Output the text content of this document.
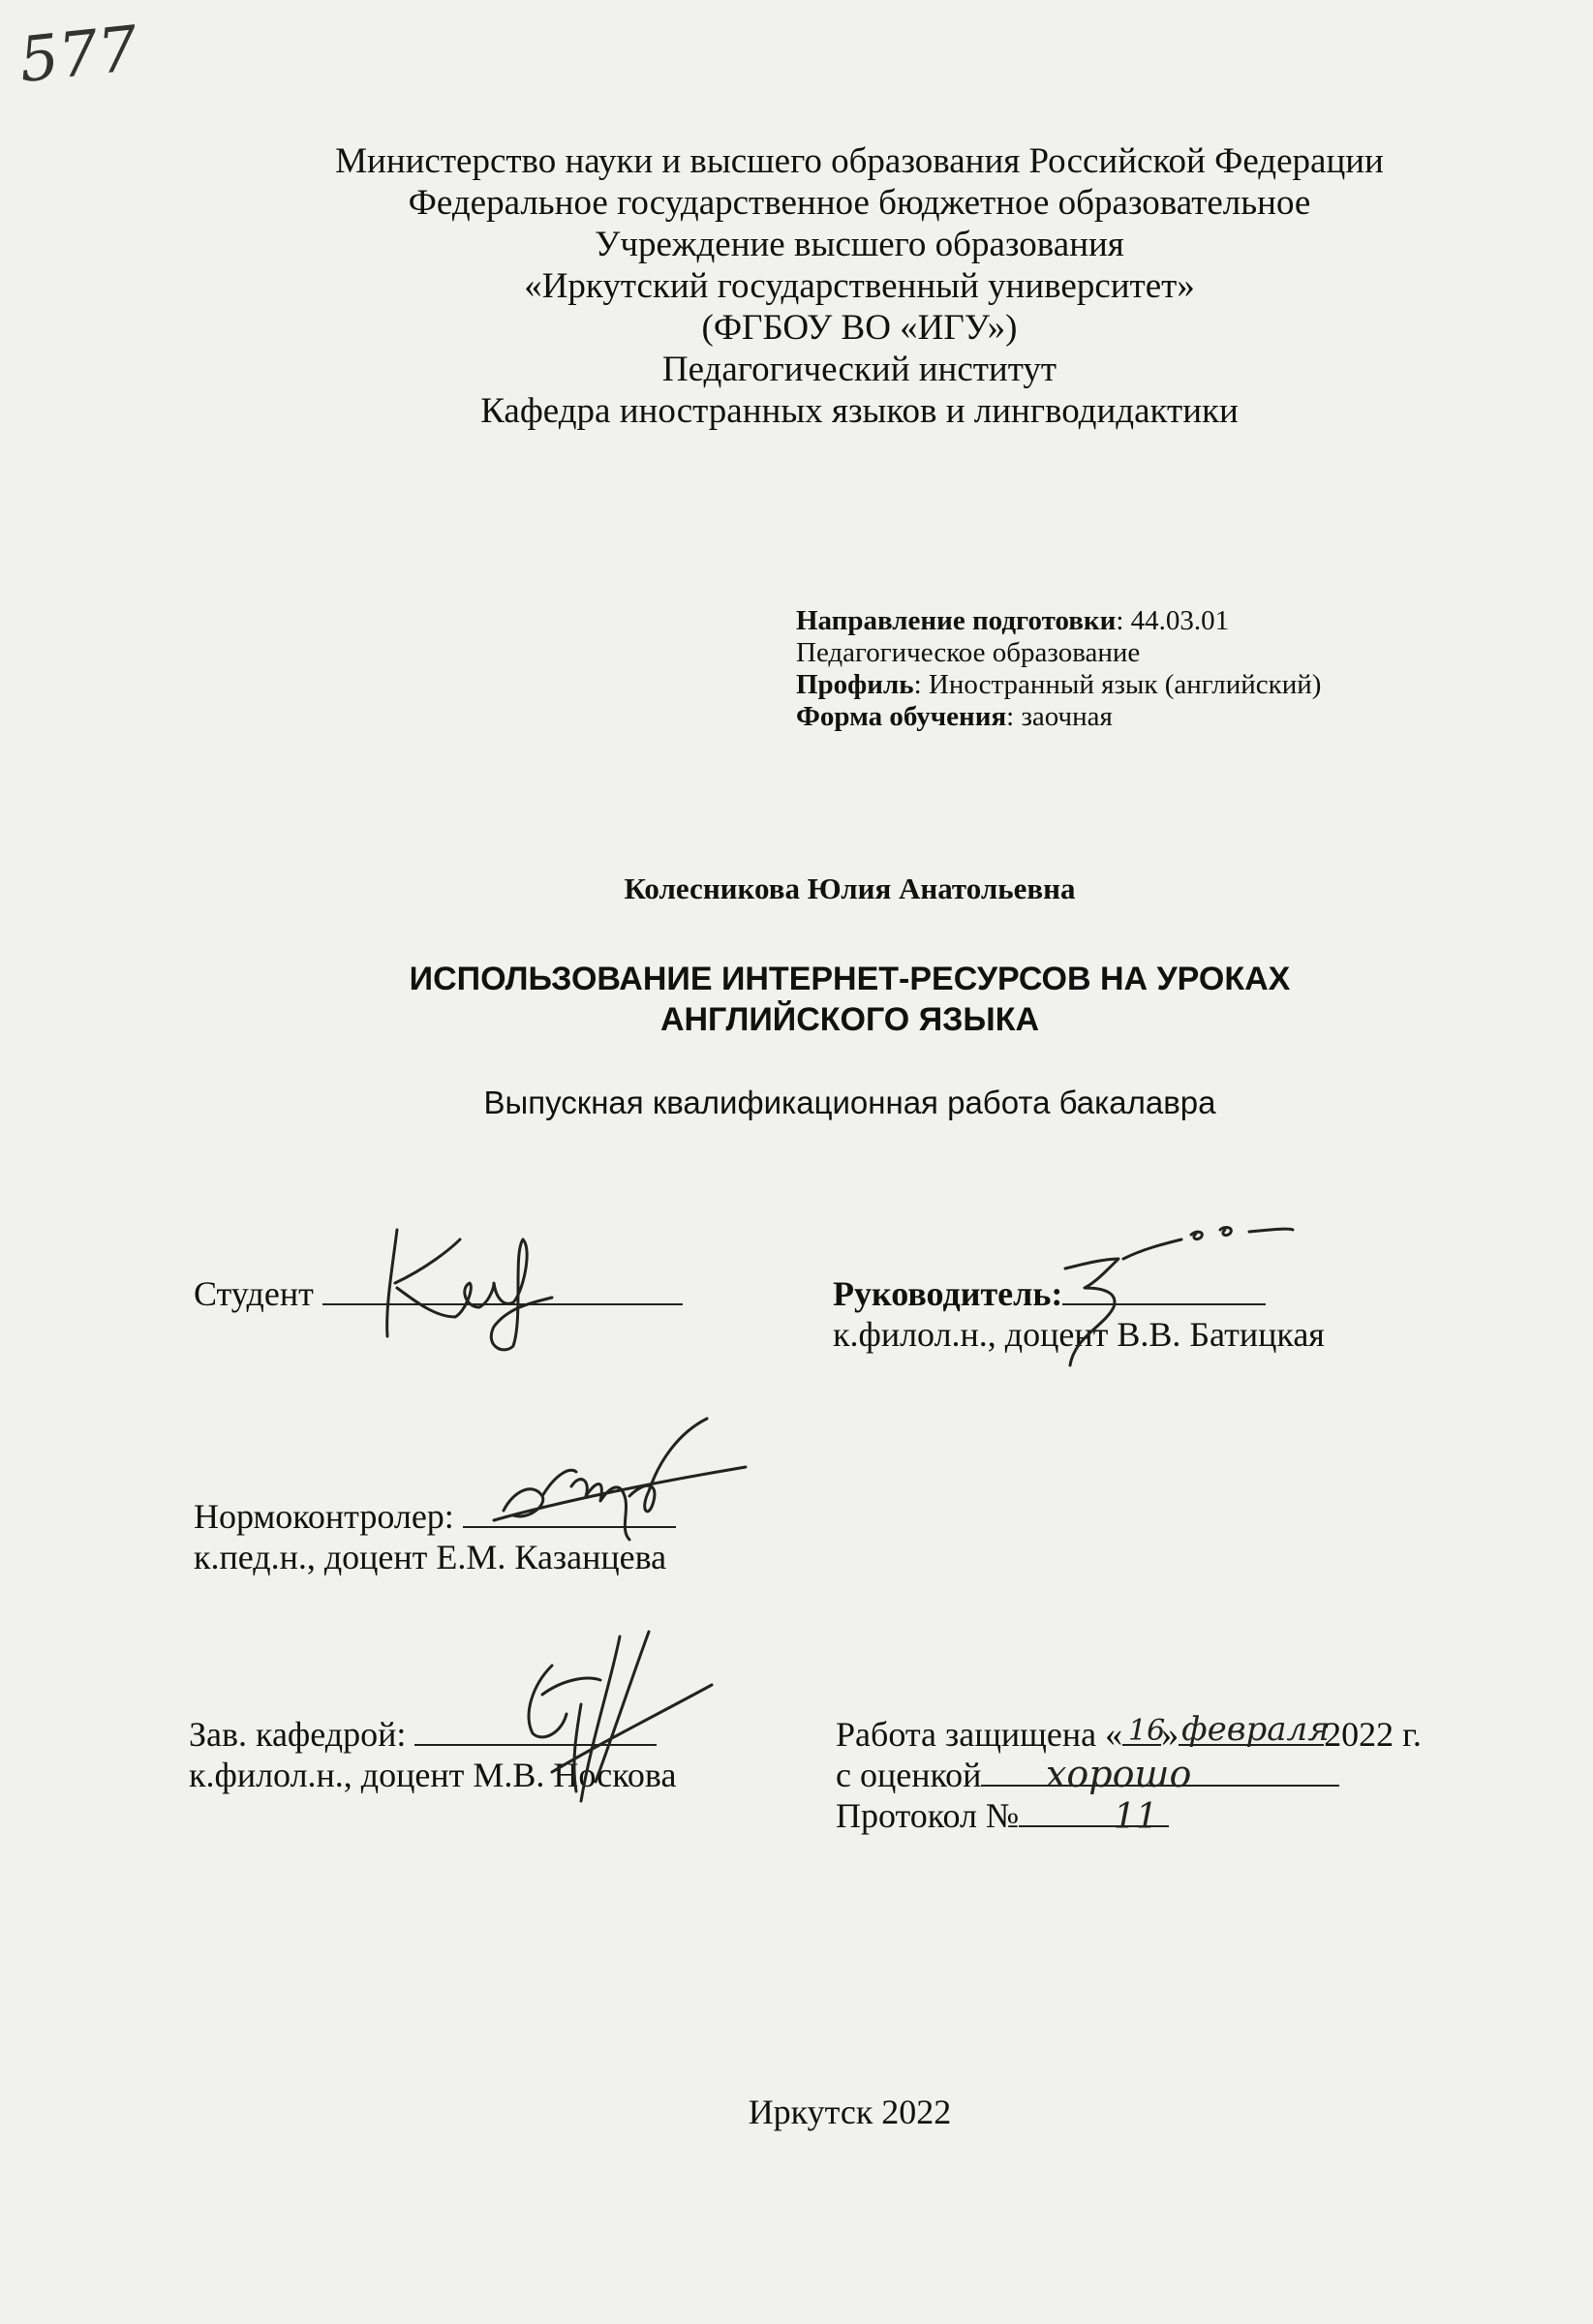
577
Министерство науки и высшего образования Российской Федерации
Федеральное государственное бюджетное образовательное
Учреждение высшего образования
«Иркутский государственный университет»
(ФГБОУ ВО «ИГУ»)
Педагогический институт
Кафедра иностранных языков и лингводидактики
Направление подготовки: 44.03.01
Педагогическое образование
Профиль: Иностранный язык (английский)
Форма обучения: заочная
Колесникова Юлия Анатольевна
ИСПОЛЬЗОВАНИЕ ИНТЕРНЕТ-РЕСУРСОВ НА УРОКАХ
АНГЛИЙСКОГО ЯЗЫКА
Выпускная квалификационная работа бакалавра
Студент	Руководитель:
к.филол.н., доцент В.В. Батицкая
Нормоконтролер:
к.пед.н., доцент Е.М. Казанцева
Зав. кафедрой:
к.филол.н., доцент М.В. Носкова
Работа защищена « »	2022 г.
с оценкой
Протокол №
16 февраля
хорошо
11
Иркутск 2022
